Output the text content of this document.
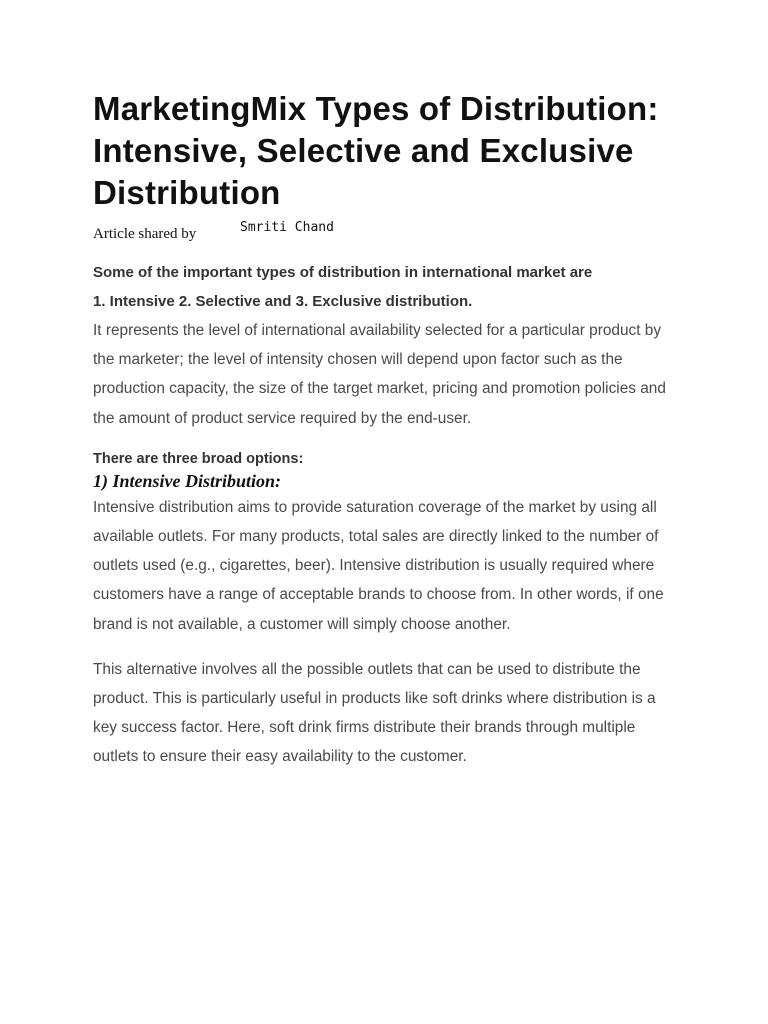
MarketingMix Types of Distribution: Intensive, Selective and Exclusive Distribution
Article shared by	Smriti Chand
Some of the important types of distribution in international market are
1. Intensive 2. Selective and 3. Exclusive distribution.

It represents the level of international availability selected for a particular product by the marketer; the level of intensity chosen will depend upon factor such as the production capacity, the size of the target market, pricing and promotion policies and the amount of product service required by the end-user.

There are three broad options:
1) Intensive Distribution:

Intensive distribution aims to provide saturation coverage of the market by using all available outlets. For many products, total sales are directly linked to the number of outlets used (e.g., cigarettes, beer). Intensive distribution is usually required where customers have a range of acceptable brands to choose from. In other words, if one brand is not available, a customer will simply choose another.

This alternative involves all the possible outlets that can be used to distribute the product. This is particularly useful in products like soft drinks where distribution is a key success factor. Here, soft drink firms distribute their brands through multiple outlets to ensure their easy availability to the customer.
